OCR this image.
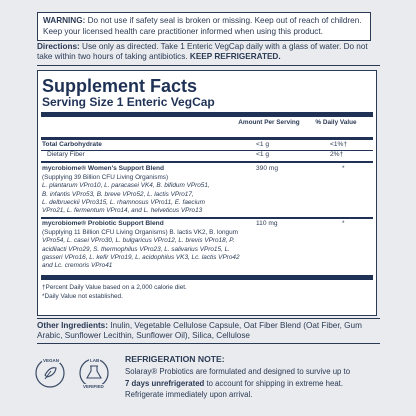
WARNING: Do not use if safety seal is broken or missing. Keep out of reach of children. Keep your licensed health care practitioner informed when using this product.
Directions: Use only as directed. Take 1 Enteric VegCap daily with a glass of water. Do not take within two hours of taking antibiotics. KEEP REFRIGERATED.
Supplement Facts
Serving Size 1 Enteric VegCap
Amount Per Serving	% Daily Value
Total Carbohydrate	<1 g	<1%†
Dietary Fiber	<1 g	2%†
mycrobiome® Women's Support Blend	390 mg	*
(Supplying 39 Billion CFU Living Organisms)
L. plantarum VPro10, L. paracasei VK4, B. bifidum VPro51,
B. infantis VPro53, B. breve VPro52, L. lactis VPro17,
L. delbrueckii VPro315, L. rhamnosus VPro11, E. faecium
VPro21, L. fermentum VPro14, and L. helveticus VPro13
mycrobiome® Probiotic Support Blend	110 mg	*
(Supplying 11 Billion CFU Living Organisms) B. lactis VK2, B. longum
VPro54, L. casei VPro30, L. bulgaricus VPro12, L. brevis VPro18, P.
acidilacti VPro29, S. thermophilus VPro23, L. salivarius VPro15, L.
gasseri VPro16, L. kefir VPro19, L. acidophilus VK3, Lc. lactis VPro42
and Lc. cremoris VPro41
†Percent Daily Value based on a 2,000 calorie diet.
*Daily Value not established.
Other Ingredients: Inulin, Vegetable Cellulose Capsule, Oat Fiber Blend (Oat Fiber, Gum Arabic, Sunflower Lecithin, Sunflower Oil), Silica, Cellulose
VEGAN	LAB
VERIFIED
REFRIGERATION NOTE:
Solaray® Probiotics are formulated and designed to survive up to
7 days unrefrigerated to account for shipping in extreme heat.
Refrigerate immediately upon arrival.
